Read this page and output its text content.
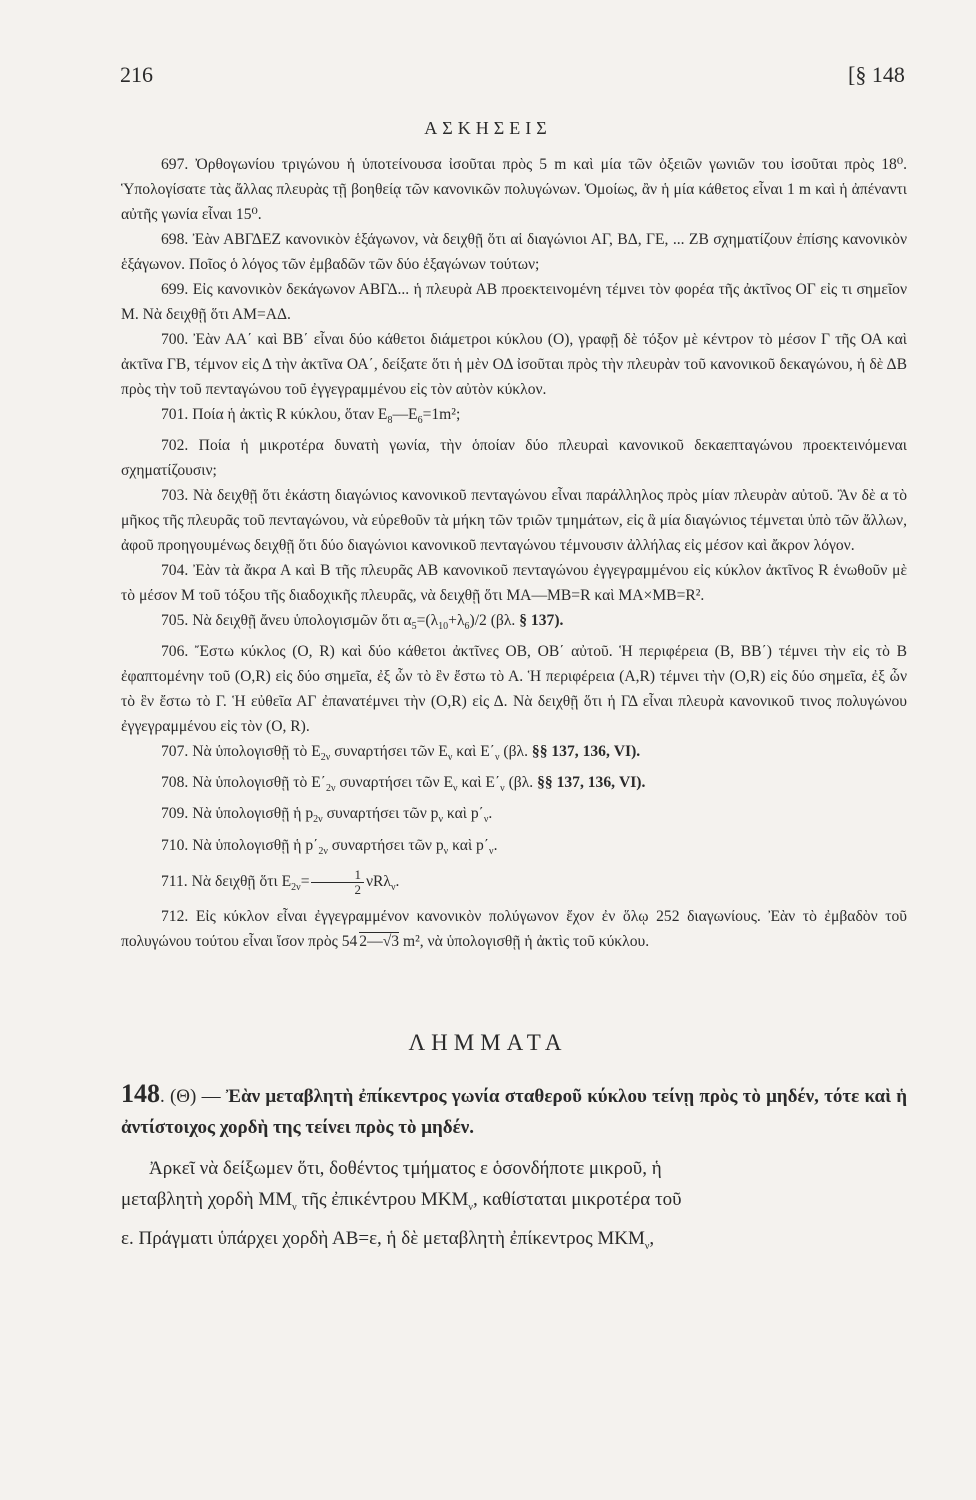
216	[§ 148
ΑΣΚΗΣΕΙΣ

697. Ὀρθογωνίου τριγώνου ἡ ὑποτείνουσα ἰσοῦται πρὸς 5 m καὶ μία τῶν ὀξειῶν γωνιῶν του ἰσοῦται πρὸς 18⁰. Ὑπολογίσατε τὰς ἄλλας πλευρὰς τῇ βοηθείᾳ τῶν κανονικῶν πολυγώνων. Ὁμοίως, ἂν ἡ μία κάθετος εἶναι 1 m καὶ ἡ ἀπέναντι αὐτῆς γωνία εἶναι 15⁰.

698. Ἐὰν ΑΒΓΔΕΖ κανονικὸν ἑξάγωνον, νὰ δειχθῇ ὅτι αἱ διαγώνιοι ΑΓ, ΒΔ, ΓΕ, ... ΖΒ σχηματίζουν ἐπίσης κανονικὸν ἑξάγωνον. Ποῖος ὁ λόγος τῶν ἐμβαδῶν τῶν δύο ἑξαγώνων τούτων;

699. Εἰς κανονικὸν δεκάγωνον ΑΒΓΔ... ἡ πλευρὰ ΑΒ προεκτεινομένη τέμνει τὸν φορέα τῆς ἀκτῖνος ΟΓ εἰς τι σημεῖον Μ. Νὰ δειχθῇ ὅτι ΑΜ=ΑΔ.

700. Ἐὰν ΑΑ΄ καὶ ΒΒ΄ εἶναι δύο κάθετοι διάμετροι κύκλου (Ο), γραφῇ δὲ τόξον μὲ κέντρον τὸ μέσον Γ τῆς ΟΑ καὶ ἀκτῖνα ΓΒ, τέμνον εἰς Δ τὴν ἀκτῖνα ΟΑ΄, δείξατε ὅτι ἡ μὲν ΟΔ ἰσοῦται πρὸς τὴν πλευρὰν τοῦ κανονικοῦ δεκαγώνου, ἡ δὲ ΔΒ πρὸς τὴν τοῦ πενταγώνου τοῦ ἐγγεγραμμένου εἰς τὸν αὐτὸν κύκλον.

701. Ποία ἡ ἀκτὶς R κύκλου, ὅταν $E_8—E_6=1m^2$;

702. Ποία ἡ μικροτέρα δυνατὴ γωνία, τὴν ὁποίαν δύο πλευραὶ κανονικοῦ δεκαεπταγώνου προεκτεινόμεναι σχηματίζουσιν;

703. Νὰ δειχθῇ ὅτι ἑκάστη διαγώνιος κανονικοῦ πενταγώνου εἶναι παράλληλος πρὸς μίαν πλευρὰν αὐτοῦ. Ἂν δὲ α τὸ μῆκος τῆς πλευρᾶς τοῦ πενταγώνου, νὰ εὑρεθοῦν τὰ μήκη τῶν τριῶν τμημάτων, εἰς ἃ μία διαγώνιος τέμνεται ὑπὸ τῶν ἄλλων, ἀφοῦ προηγουμένως δειχθῇ ὅτι δύο διαγώνιοι κανονικοῦ πενταγώνου τέμνουσιν ἀλλήλας εἰς μέσον καὶ ἄκρον λόγον.

704. Ἐὰν τὰ ἄκρα Α καὶ Β τῆς πλευρᾶς ΑΒ κανονικοῦ πενταγώνου ἐγγεγραμμένου εἰς κύκλον ἀκτῖνος R ἑνωθοῦν μὲ τὸ μέσον Μ τοῦ τόξου τῆς διαδοχικῆς πλευρᾶς, νὰ δειχθῇ ὅτι ΜΑ—ΜΒ=R καὶ ΜΑ×ΜΒ=R².

705. Νὰ δειχθῇ ἄνευ ὑπολογισμῶν ὅτι $\alpha_5=(\lambda_{10}+\lambda_6)/2$ (βλ. § 137).

706. Ἔστω κύκλος (Ο, R) καὶ δύο κάθετοι ἀκτῖνες ΟΒ, ΟΒ΄ αὐτοῦ. Ἡ περιφέρεια (Β, ΒΒ΄) τέμνει τὴν εἰς τὸ Β ἐφαπτομένην τοῦ (Ο,R) εἰς δύο σημεῖα, ἐξ ὧν τὸ ἓν ἔστω τὸ Α. Ἡ περιφέρεια (Α,R) τέμνει τὴν (Ο,R) εἰς δύο σημεῖα, ἐξ ὧν τὸ ἓν ἔστω τὸ Γ. Ἡ εὐθεῖα ΑΓ ἐπανατέμνει τὴν (Ο,R) εἰς Δ. Νὰ δειχθῇ ὅτι ἡ ΓΔ εἶναι πλευρὰ κανονικοῦ τινος πολυγώνου ἐγγεγραμμένου εἰς τὸν (Ο, R).

707. Νὰ ὑπολογισθῇ τὸ $E_{2\nu}$ συναρτήσει τῶν $E_\nu$ καὶ $E΄_\nu$ (βλ. §§ 137, 136, VI).

708. Νὰ ὑπολογισθῇ τὸ $E΄_{2\nu}$ συναρτήσει τῶν $E_\nu$ καὶ $E΄_\nu$ (βλ. §§ 137, 136, VI).

709. Νὰ ὑπολογισθῇ ἡ $p_{2\nu}$ συναρτήσει τῶν $p_\nu$ καὶ $p΄_\nu$.

710. Νὰ ὑπολογισθῇ ἡ $p΄_{2\nu}$ συναρτήσει τῶν $p_\nu$ καὶ $p΄_\nu$.

711. Νὰ δειχθῇ ὅτι $E_{2\nu}= \frac{1}{2} \nu R\lambda_\nu$.

712. Εἰς κύκλον εἶναι ἐγγεγραμμένον κανονικὸν πολύγωνον ἔχον ἐν ὅλῳ 252 διαγωνίους. Ἐὰν τὸ ἐμβαδὸν τοῦ πολυγώνου τούτου εἶναι ἴσον πρὸς 54 2—√3 m², νὰ ὑπολογισθῇ ἡ ἀκτὶς τοῦ κύκλου.

ΛΗΜΜΑΤΑ

148. (Θ) — Ἐὰν μεταβλητὴ ἐπίκεντρος γωνία σταθεροῦ κύκλου τείνῃ πρὸς τὸ μηδέν, τότε καὶ ἡ ἀντίστοιχος χορδὴ της τείνει πρὸς τὸ μηδέν.

Ἀρκεῖ νὰ δείξωμεν ὅτι, δοθέντος τμήματος ε ὁσονδήποτε μικροῦ, ἡ

μεταβλητὴ χορδὴ $MM_\nu$ τῆς ἐπικέντρου $MKM_\nu$, καθίσταται μικροτέρα τοῦ

ε. Πράγματι ὑπάρχει χορδὴ ΑΒ=ε, ἡ δὲ μεταβλητὴ ἐπίκεντρος $MKM_\nu$,
